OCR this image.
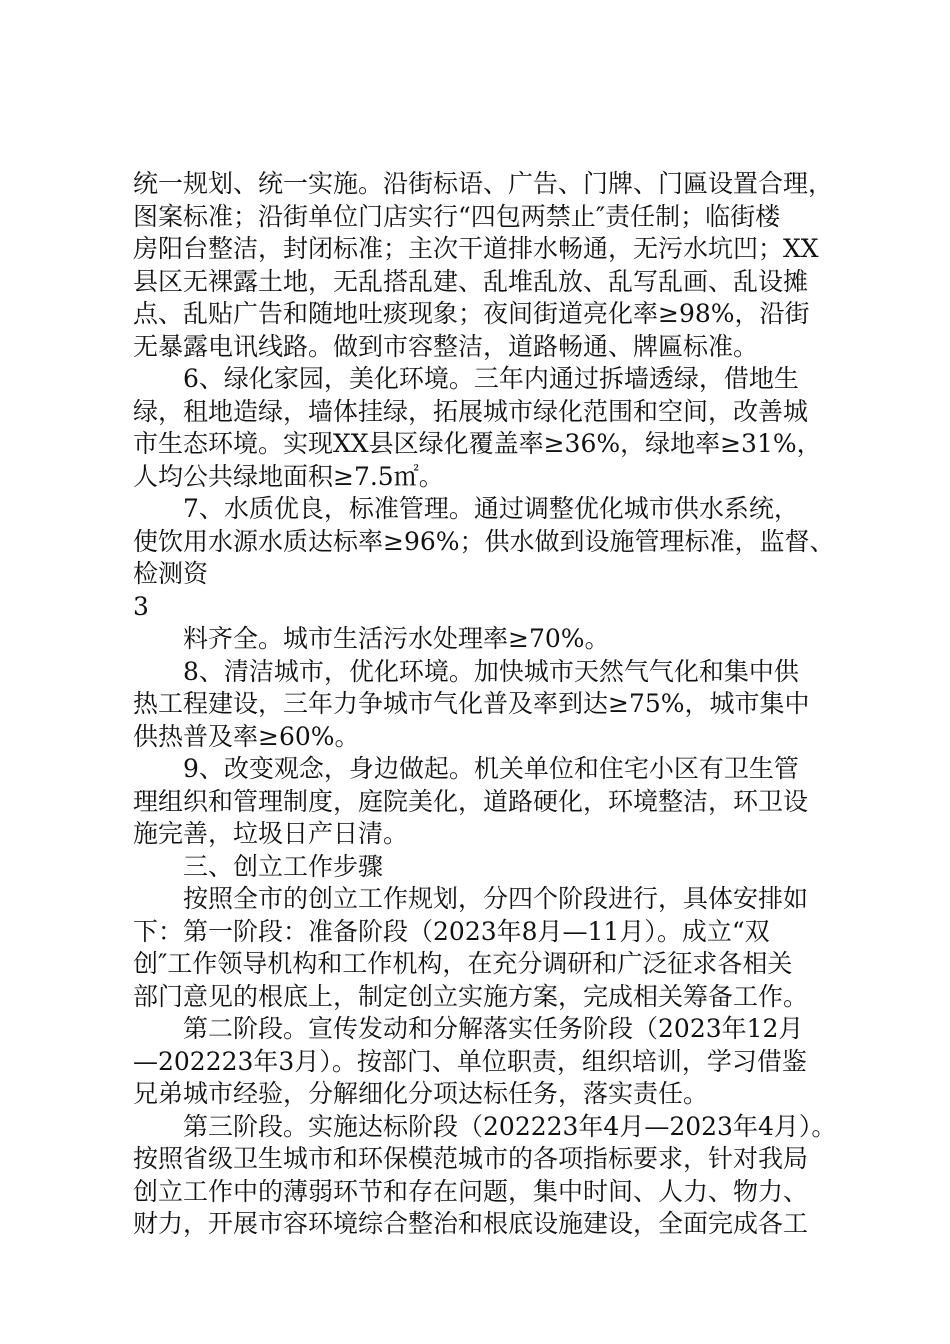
统一规划、统一实施。沿街标语、广告、门牌、门匾设置合理，
图案标准；沿街单位门店实行“四包两禁止″责任制；临街楼
房阳台整洁，封闭标准；主次干道排水畅通，无污水坑凹；XX
县区无裸露土地，无乱搭乱建、乱堆乱放、乱写乱画、乱设摊
点、乱贴广告和随地吐痰现象；夜间街道亮化率≥98%，沿街
无暴露电讯线路。做到市容整洁，道路畅通、牌匾标准。
6、绿化家园，美化环境。三年内通过拆墙透绿，借地生
绿，租地造绿，墙体挂绿，拓展城市绿化范围和空间，改善城
市生态环境。实现XX县区绿化覆盖率≥36%，绿地率≥31%，
人均公共绿地面积≥7.5㎡。
7、水质优良，标准管理。通过调整优化城市供水系统，
使饮用水源水质达标率≥96%；供水做到设施管理标准，监督、
检测资
3
料齐全。城市生活污水处理率≥70%。
8、清洁城市，优化环境。加快城市天然气气化和集中供
热工程建设，三年力争城市气化普及率到达≥75%，城市集中
供热普及率≥60%。
9、改变观念，身边做起。机关单位和住宅小区有卫生管
理组织和管理制度，庭院美化，道路硬化，环境整洁，环卫设
施完善，垃圾日产日清。
三、创立工作步骤
按照全市的创立工作规划，分四个阶段进行，具体安排如
下：第一阶段：准备阶段（2023年8月—11月）。成立“双
创″工作领导机构和工作机构，在充分调研和广泛征求各相关
部门意见的根底上，制定创立实施方案，完成相关筹备工作。
第二阶段。宣传发动和分解落实任务阶段（2023年12月
—202223年3月）。按部门、单位职责，组织培训，学习借鉴
兄弟城市经验，分解细化分项达标任务，落实责任。
第三阶段。实施达标阶段（202223年4月—2023年4月）。
按照省级卫生城市和环保模范城市的各项指标要求，针对我局
创立工作中的薄弱环节和存在问题，集中时间、人力、物力、
财力，开展市容环境综合整治和根底设施建设，全面完成各工
